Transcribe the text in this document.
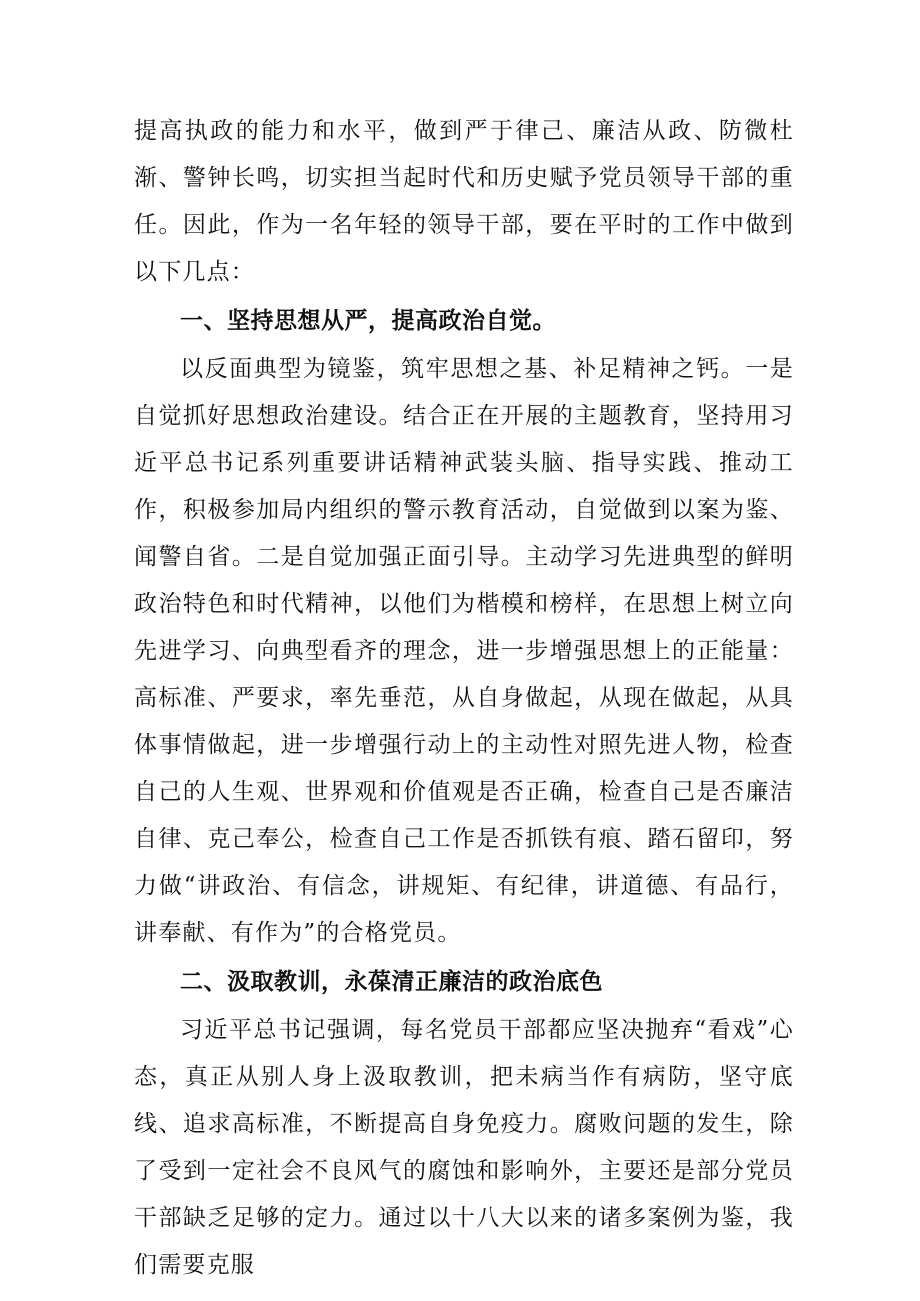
提高执政的能力和水平，做到严于律己、廉洁从政、防微杜渐、警钟长鸣，切实担当起时代和历史赋予党员领导干部的重任。因此，作为一名年轻的领导干部，要在平时的工作中做到以下几点：

一、坚持思想从严，提高政治自觉。

以反面典型为镜鉴，筑牢思想之基、补足精神之钙。一是自觉抓好思想政治建设。结合正在开展的主题教育，坚持用习近平总书记系列重要讲话精神武装头脑、指导实践、推动工作，积极参加局内组织的警示教育活动，自觉做到以案为鉴、闻警自省。二是自觉加强正面引导。主动学习先进典型的鲜明政治特色和时代精神，以他们为楷模和榜样，在思想上树立向先进学习、向典型看齐的理念，进一步增强思想上的正能量：高标准、严要求，率先垂范，从自身做起，从现在做起，从具体事情做起，进一步增强行动上的主动性对照先进人物，检查自己的人生观、世界观和价值观是否正确，检查自己是否廉洁自律、克己奉公，检查自己工作是否抓铁有痕、踏石留印，努力做“讲政治、有信念，讲规矩、有纪律，讲道德、有品行，讲奉献、有作为”的合格党员。

二、汲取教训，永葆清正廉洁的政治底色

习近平总书记强调，每名党员干部都应坚决抛弃“看戏”心态，真正从别人身上汲取教训，把未病当作有病防，坚守底线、追求高标准，不断提高自身免疫力。腐败问题的发生，除了受到一定社会不良风气的腐蚀和影响外，主要还是部分党员干部缺乏足够的定力。通过以十八大以来的诸多案例为鉴，我们需要克服
